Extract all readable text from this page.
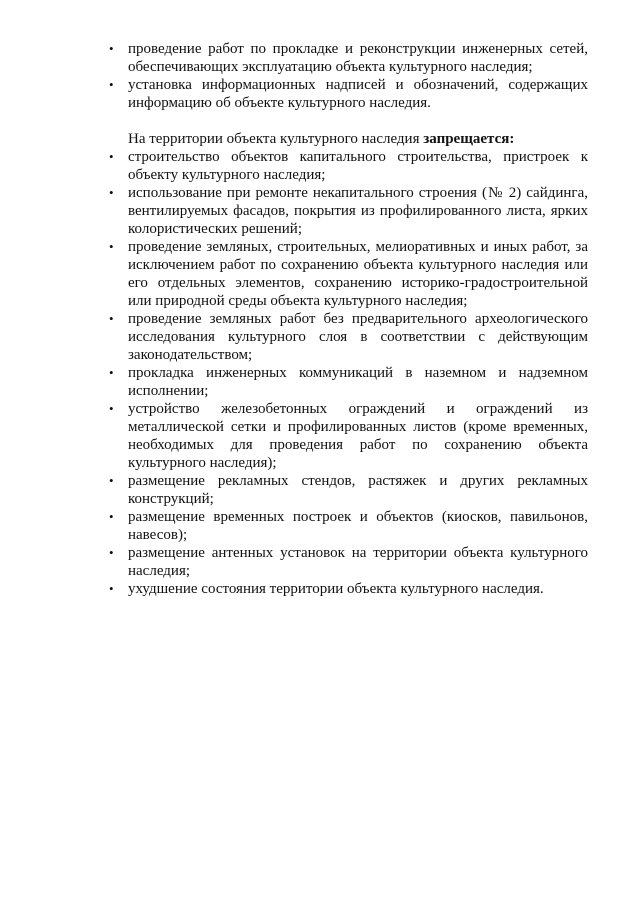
• проведение работ по прокладке и реконструкции инженерных сетей, обеспечивающих эксплуатацию объекта культурного наследия;
• установка информационных надписей и обозначений, содержащих информацию об объекте культурного наследия.

На территории объекта культурного наследия запрещается:

• строительство объектов капитального строительства, пристроек к объекту культурного наследия;
• использование при ремонте некапитального строения (№ 2) сайдинга, вентилируемых фасадов, покрытия из профилированного листа, ярких колористических решений;
• проведение земляных, строительных, мелиоративных и иных работ, за исключением работ по сохранению объекта культурного наследия или его отдельных элементов, сохранению историко-градостроительной или природной среды объекта культурного наследия;
• проведение земляных работ без предварительного археологического исследования культурного слоя в соответствии с действующим законодательством;
• прокладка инженерных коммуникаций в наземном и надземном исполнении;
• устройство железобетонных ограждений и ограждений из металлической сетки и профилированных листов (кроме временных, необходимых для проведения работ по сохранению объекта культурного наследия);
• размещение рекламных стендов, растяжек и других рекламных конструкций;
• размещение временных построек и объектов (киосков, павильонов, навесов);
• размещение антенных установок на территории объекта культурного наследия;
• ухудшение состояния территории объекта культурного наследия.
